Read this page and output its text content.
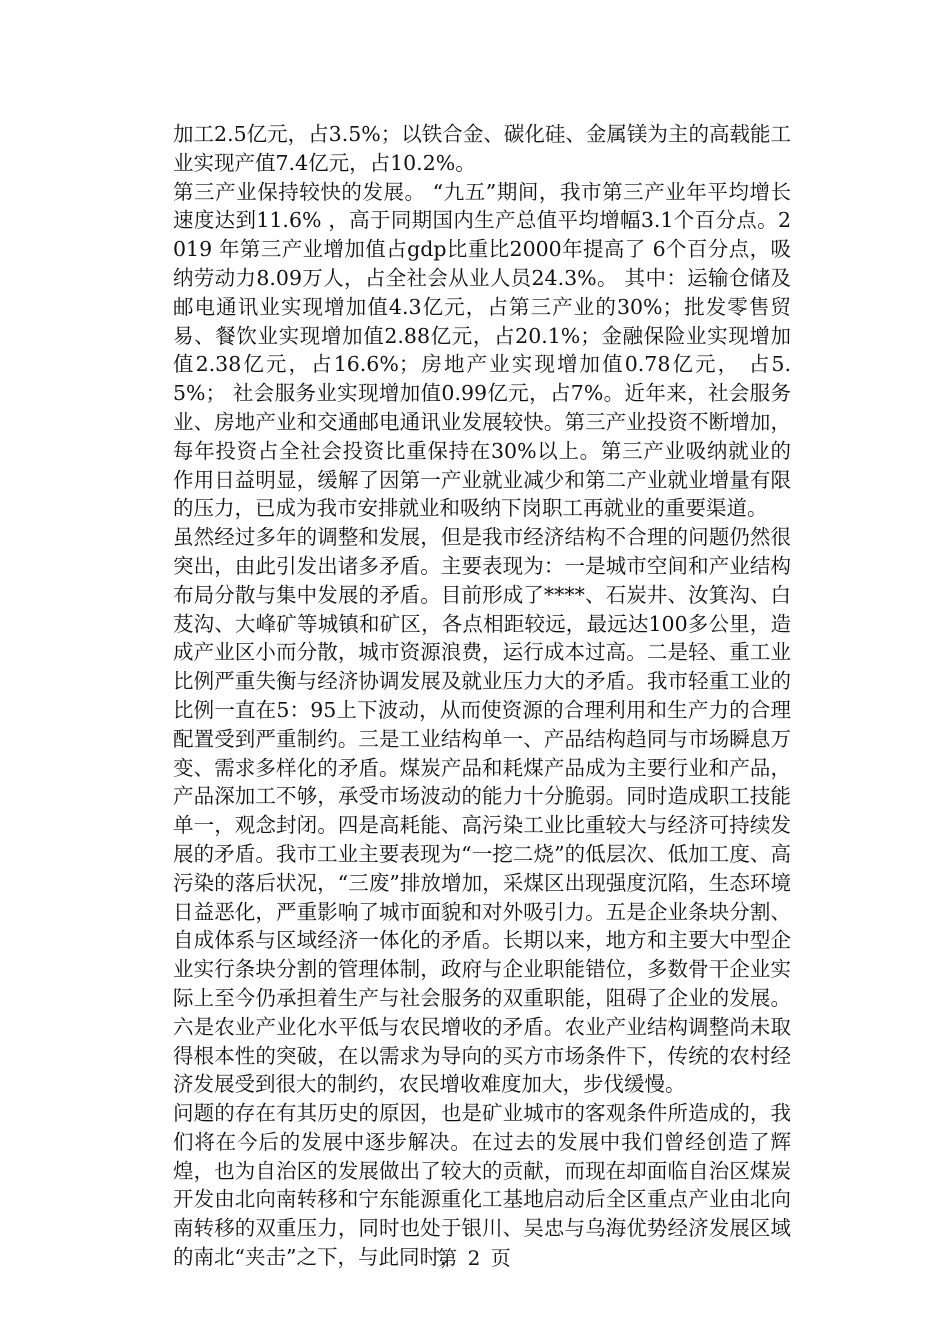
加工2.5亿元，占3.5%；以铁合金、碳化硅、金属镁为主的高载能工业实现产值7.4亿元，占10.2%。

第三产业保持较快的发展。 “九五”期间，我市第三产业年平均增长速度达到11.6% ，高于同期国内生产总值平均增幅3.1个百分点。2019 年第三产业增加值占gdp比重比2000年提高了 6个百分点，吸纳劳动力8.09万人，占全社会从业人员24.3%。 其中：运输仓储及邮电通讯业实现增加值4.3亿元，占第三产业的30%；批发零售贸易、餐饮业实现增加值2.88亿元，占20.1%；金融保险业实现增加值2.38亿元，占16.6%；房地产业实现增加值0.78亿元， 占5.5%； 社会服务业实现增加值0.99亿元，占7%。近年来，社会服务业、房地产业和交通邮电通讯业发展较快。第三产业投资不断增加，每年投资占全社会投资比重保持在30%以上。第三产业吸纳就业的作用日益明显，缓解了因第一产业就业减少和第二产业就业增量有限的压力，已成为我市安排就业和吸纳下岗职工再就业的重要渠道。

虽然经过多年的调整和发展，但是我市经济结构不合理的问题仍然很突出，由此引发出诸多矛盾。主要表现为：一是城市空间和产业结构布局分散与集中发展的矛盾。目前形成了****、石炭井、汝箕沟、白芨沟、大峰矿等城镇和矿区，各点相距较远，最远达100多公里，造成产业区小而分散，城市资源浪费，运行成本过高。二是轻、重工业比例严重失衡与经济协调发展及就业压力大的矛盾。我市轻重工业的比例一直在5：95上下波动，从而使资源的合理利用和生产力的合理配置受到严重制约。三是工业结构单一、产品结构趋同与市场瞬息万变、需求多样化的矛盾。煤炭产品和耗煤产品成为主要行业和产品，产品深加工不够，承受市场波动的能力十分脆弱。同时造成职工技能单一，观念封闭。四是高耗能、高污染工业比重较大与经济可持续发展的矛盾。我市工业主要表现为“一挖二烧”的低层次、低加工度、高污染的落后状况，“三废”排放增加，采煤区出现强度沉陷，生态环境日益恶化，严重影响了城市面貌和对外吸引力。五是企业条块分割、自成体系与区域经济一体化的矛盾。长期以来，地方和主要大中型企业实行条块分割的管理体制，政府与企业职能错位，多数骨干企业实际上至今仍承担着生产与社会服务的双重职能，阻碍了企业的发展。六是农业产业化水平低与农民增收的矛盾。农业产业结构调整尚未取得根本性的突破，在以需求为导向的买方市场条件下，传统的农村经济发展受到很大的制约，农民增收难度加大，步伐缓慢。

问题的存在有其历史的原因，也是矿业城市的客观条件所造成的，我们将在今后的发展中逐步解决。在过去的发展中我们曾经创造了辉煌，也为自治区的发展做出了较大的贡献，而现在却面临自治区煤炭开发由北向南转移和宁东能源重化工基地启动后全区重点产业由北向南转移的双重压力，同时也处于银川、吴忠与乌海优势经济发展区域的南北“夹击”之下，与此同时，

第 2 页
